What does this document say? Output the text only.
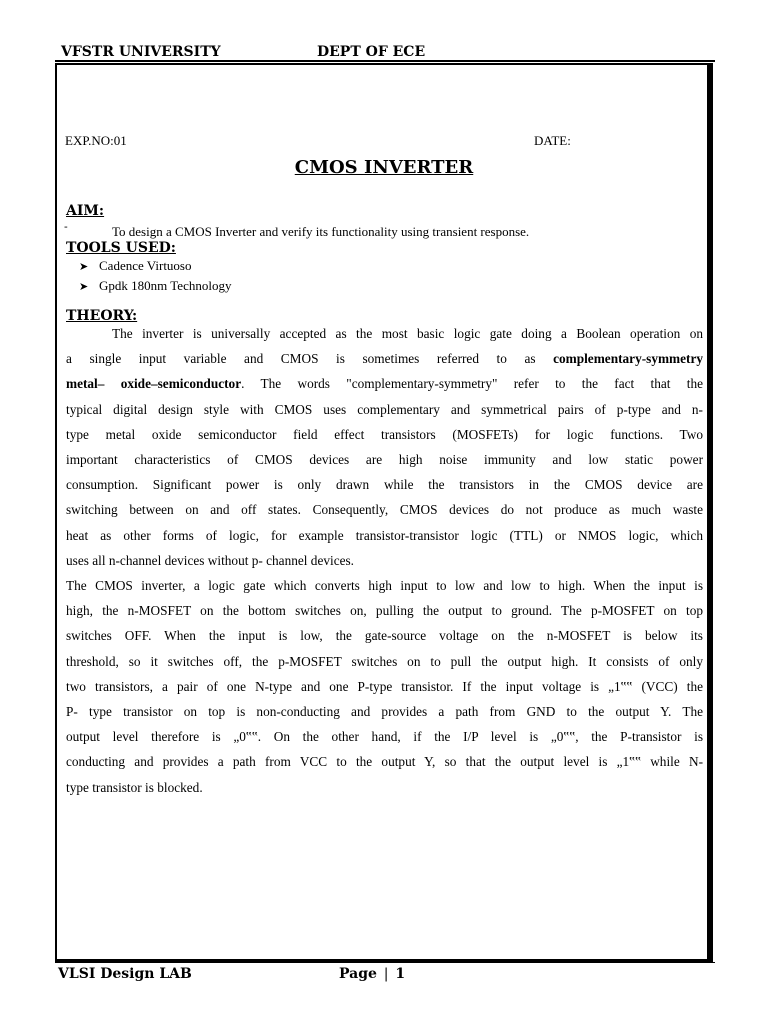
VFSTR UNIVERSITY	DEPT OF ECE
EXP.NO:01	DATE:
CMOS INVERTER
AIM:
-	To design a CMOS Inverter and verify its functionality using transient response.
TOOLS USED:
➤ Cadence Virtuoso
➤ Gpdk 180nm Technology
THEORY:
The inverter is universally accepted as the most basic logic gate doing a Boolean operation on
a single input variable and CMOS is sometimes referred to as complementary-symmetry
metal– oxide–semiconductor. The words "complementary-symmetry" refer to the fact that the
typical digital design style with CMOS uses complementary and symmetrical pairs of p-type and n-
type metal oxide semiconductor field effect transistors (MOSFETs) for logic functions. Two
important characteristics of CMOS devices are high noise immunity and low static power
consumption. Significant power is only drawn while the transistors in the CMOS device are
switching between on and off states. Consequently, CMOS devices do not produce as much waste
heat as other forms of logic, for example transistor-transistor logic (TTL) or NMOS logic, which
uses all n-channel devices without p- channel devices.
The CMOS inverter, a logic gate which converts high input to low and low to high. When the input is
high, the n-MOSFET on the bottom switches on, pulling the output to ground. The p-MOSFET on top
switches OFF. When the input is low, the gate-source voltage on the n-MOSFET is below its
threshold, so it switches off, the p-MOSFET switches on to pull the output high. It consists of only
two transistors, a pair of one N-type and one P-type transistor. If the input voltage is „1‟‟ (VCC) the
P- type transistor on top is non-conducting and provides a path from GND to the output Y. The
output level therefore is „0‟‟. On the other hand, if the I/P level is „0‟‟, the P-transistor is
conducting and provides a path from VCC to the output Y, so that the output level is „1‟‟ while N-
type transistor is blocked.
VLSI Design LAB	Page | 1
